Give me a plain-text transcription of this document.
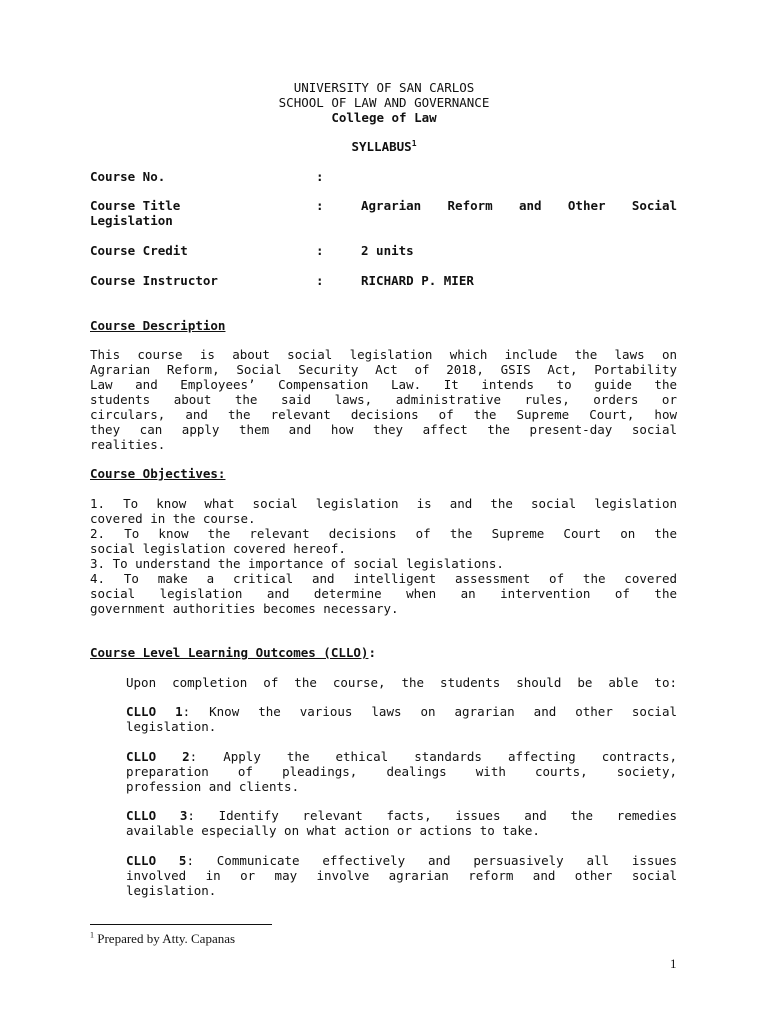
UNIVERSITY OF SAN CARLOS
SCHOOL OF LAW AND GOVERNANCE
College of Law
SYLLABUS$^1$
Course No.	:
Course Title	:	Agrarian Reform and Other Social
Legislation
Course Credit	:	2 units
Course Instructor	:	RICHARD P. MIER
Course Description
This course is about social legislation which include the laws on
Agrarian Reform, Social Security Act of 2018, GSIS Act, Portability
Law and Employees’ Compensation Law. It intends to guide the
students about the said laws, administrative rules, orders or
circulars, and the relevant decisions of the Supreme Court, how
they can apply them and how they affect the present-day social
realities.
Course Objectives:
1. To know what social legislation is and the social legislation
covered in the course.
2. To know the relevant decisions of the Supreme Court on the
social legislation covered hereof.
3. To understand the importance of social legislations.
4. To make a critical and intelligent assessment of the covered
social legislation and determine when an intervention of the
government authorities becomes necessary.
Course Level Learning Outcomes (CLLO):
Upon completion of the course, the students should be able to:
CLLO 1: Know the various laws on agrarian and other social
legislation.
CLLO 2: Apply the ethical standards affecting contracts,
preparation of pleadings, dealings with courts, society,
profession and clients.
CLLO 3: Identify relevant facts, issues and the remedies
available especially on what action or actions to take.
CLLO 5: Communicate effectively and persuasively all issues
involved in or may involve agrarian reform and other social
legislation.
$^1$ Prepared by Atty. Capanas
1
